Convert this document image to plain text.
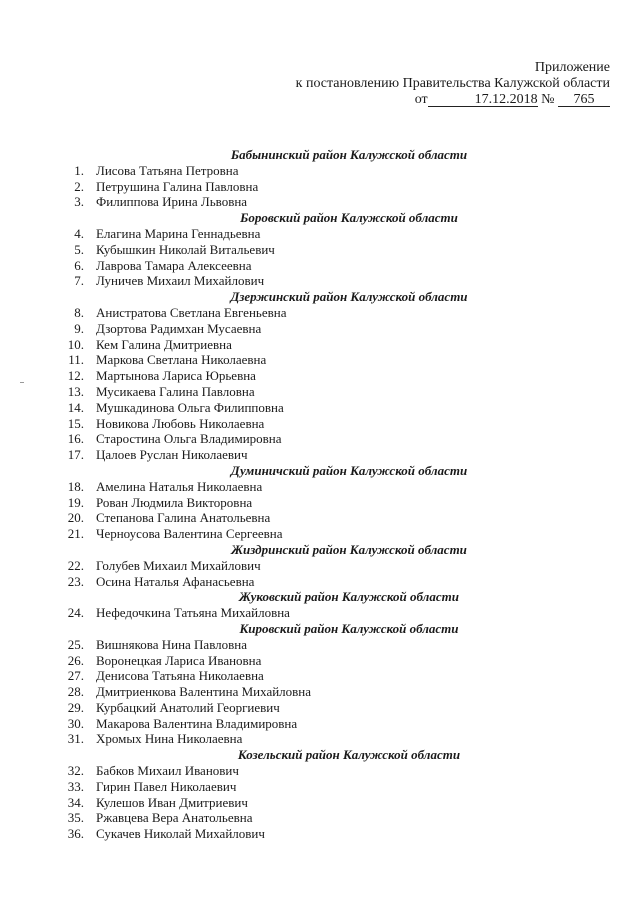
Приложение
к постановлению Правительства Калужской области
от	17.12.2018 № 765
Бабынинский район Калужской области
1. Лисова Татьяна Петровна
2. Петрушина Галина Павловна
3. Филиппова Ирина Львовна
Боровский район Калужской области
4. Елагина Марина Геннадьевна
5. Кубышкин Николай Витальевич
6. Лаврова Тамара Алексеевна
7. Луничев Михаил Михайлович
Дзержинский район Калужской области
8. Анистратова Светлана Евгеньевна
9. Дзортова Радимхан Мусаевна
10. Кем Галина Дмитриевна
11. Маркова Светлана Николаевна
12. Мартынова Лариса Юрьевна
13. Мусикаева Галина Павловна
14. Мушкадинова Ольга Филипповна
15. Новикова Любовь Николаевна
16. Старостина Ольга Владимировна
17. Цалоев Руслан Николаевич
Думиничский район Калужской области
18. Амелина Наталья Николаевна
19. Рован Людмила Викторовна
20. Степанова Галина Анатольевна
21. Черноусова Валентина Сергеевна
Жиздринский район Калужской области
22. Голубев Михаил Михайлович
23. Осина Наталья Афанасьевна
Жуковский район Калужской области
24. Нефедочкина Татьяна Михайловна
Кировский район Калужской области
25. Вишнякова Нина Павловна
26. Воронецкая Лариса Ивановна
27. Денисова Татьяна Николаевна
28. Дмитриенкова Валентина Михайловна
29. Курбацкий Анатолий Георгиевич
30. Макарова Валентина Владимировна
31. Хромых Нина Николаевна
Козельский район Калужской области
32. Бабков Михаил Иванович
33. Гирин Павел Николаевич
34. Кулешов Иван Дмитриевич
35. Ржавцева Вера Анатольевна
36. Сукачев Николай Михайлович
